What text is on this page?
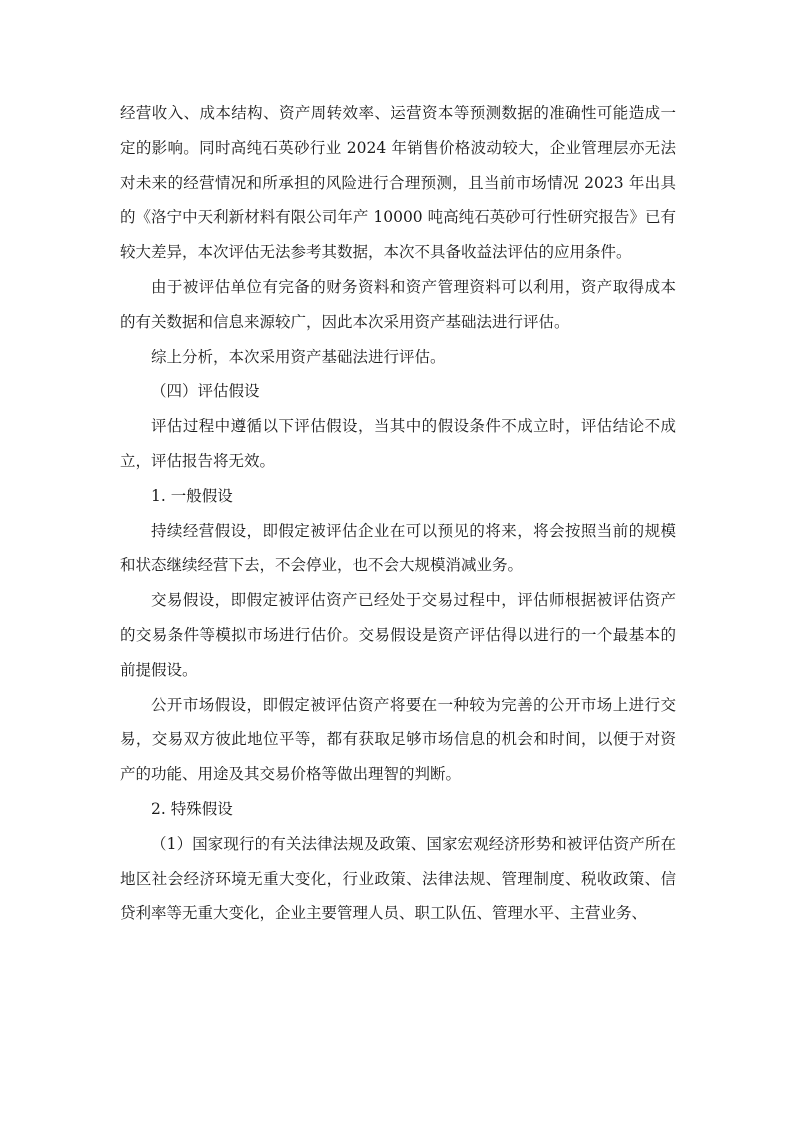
经营收入、成本结构、资产周转效率、运营资本等预测数据的准确性可能造成一定的影响。同时高纯石英砂行业 2024 年销售价格波动较大，企业管理层亦无法对未来的经营情况和所承担的风险进行合理预测，且当前市场情况 2023 年出具的《洛宁中天利新材料有限公司年产 10000 吨高纯石英砂可行性研究报告》已有较大差异，本次评估无法参考其数据，本次不具备收益法评估的应用条件。

由于被评估单位有完备的财务资料和资产管理资料可以利用，资产取得成本的有关数据和信息来源较广，因此本次采用资产基础法进行评估。

综上分析，本次采用资产基础法进行评估。

（四）评估假设

评估过程中遵循以下评估假设，当其中的假设条件不成立时，评估结论不成立，评估报告将无效。

1. 一般假设

持续经营假设，即假定被评估企业在可以预见的将来，将会按照当前的规模和状态继续经营下去，不会停业，也不会大规模消减业务。

交易假设，即假定被评估资产已经处于交易过程中，评估师根据被评估资产的交易条件等模拟市场进行估价。交易假设是资产评估得以进行的一个最基本的前提假设。

公开市场假设，即假定被评估资产将要在一种较为完善的公开市场上进行交易，交易双方彼此地位平等，都有获取足够市场信息的机会和时间，以便于对资产的功能、用途及其交易价格等做出理智的判断。

2. 特殊假设

（1）国家现行的有关法律法规及政策、国家宏观经济形势和被评估资产所在地区社会经济环境无重大变化，行业政策、法律法规、管理制度、税收政策、信贷利率等无重大变化，企业主要管理人员、职工队伍、管理水平、主营业务、
